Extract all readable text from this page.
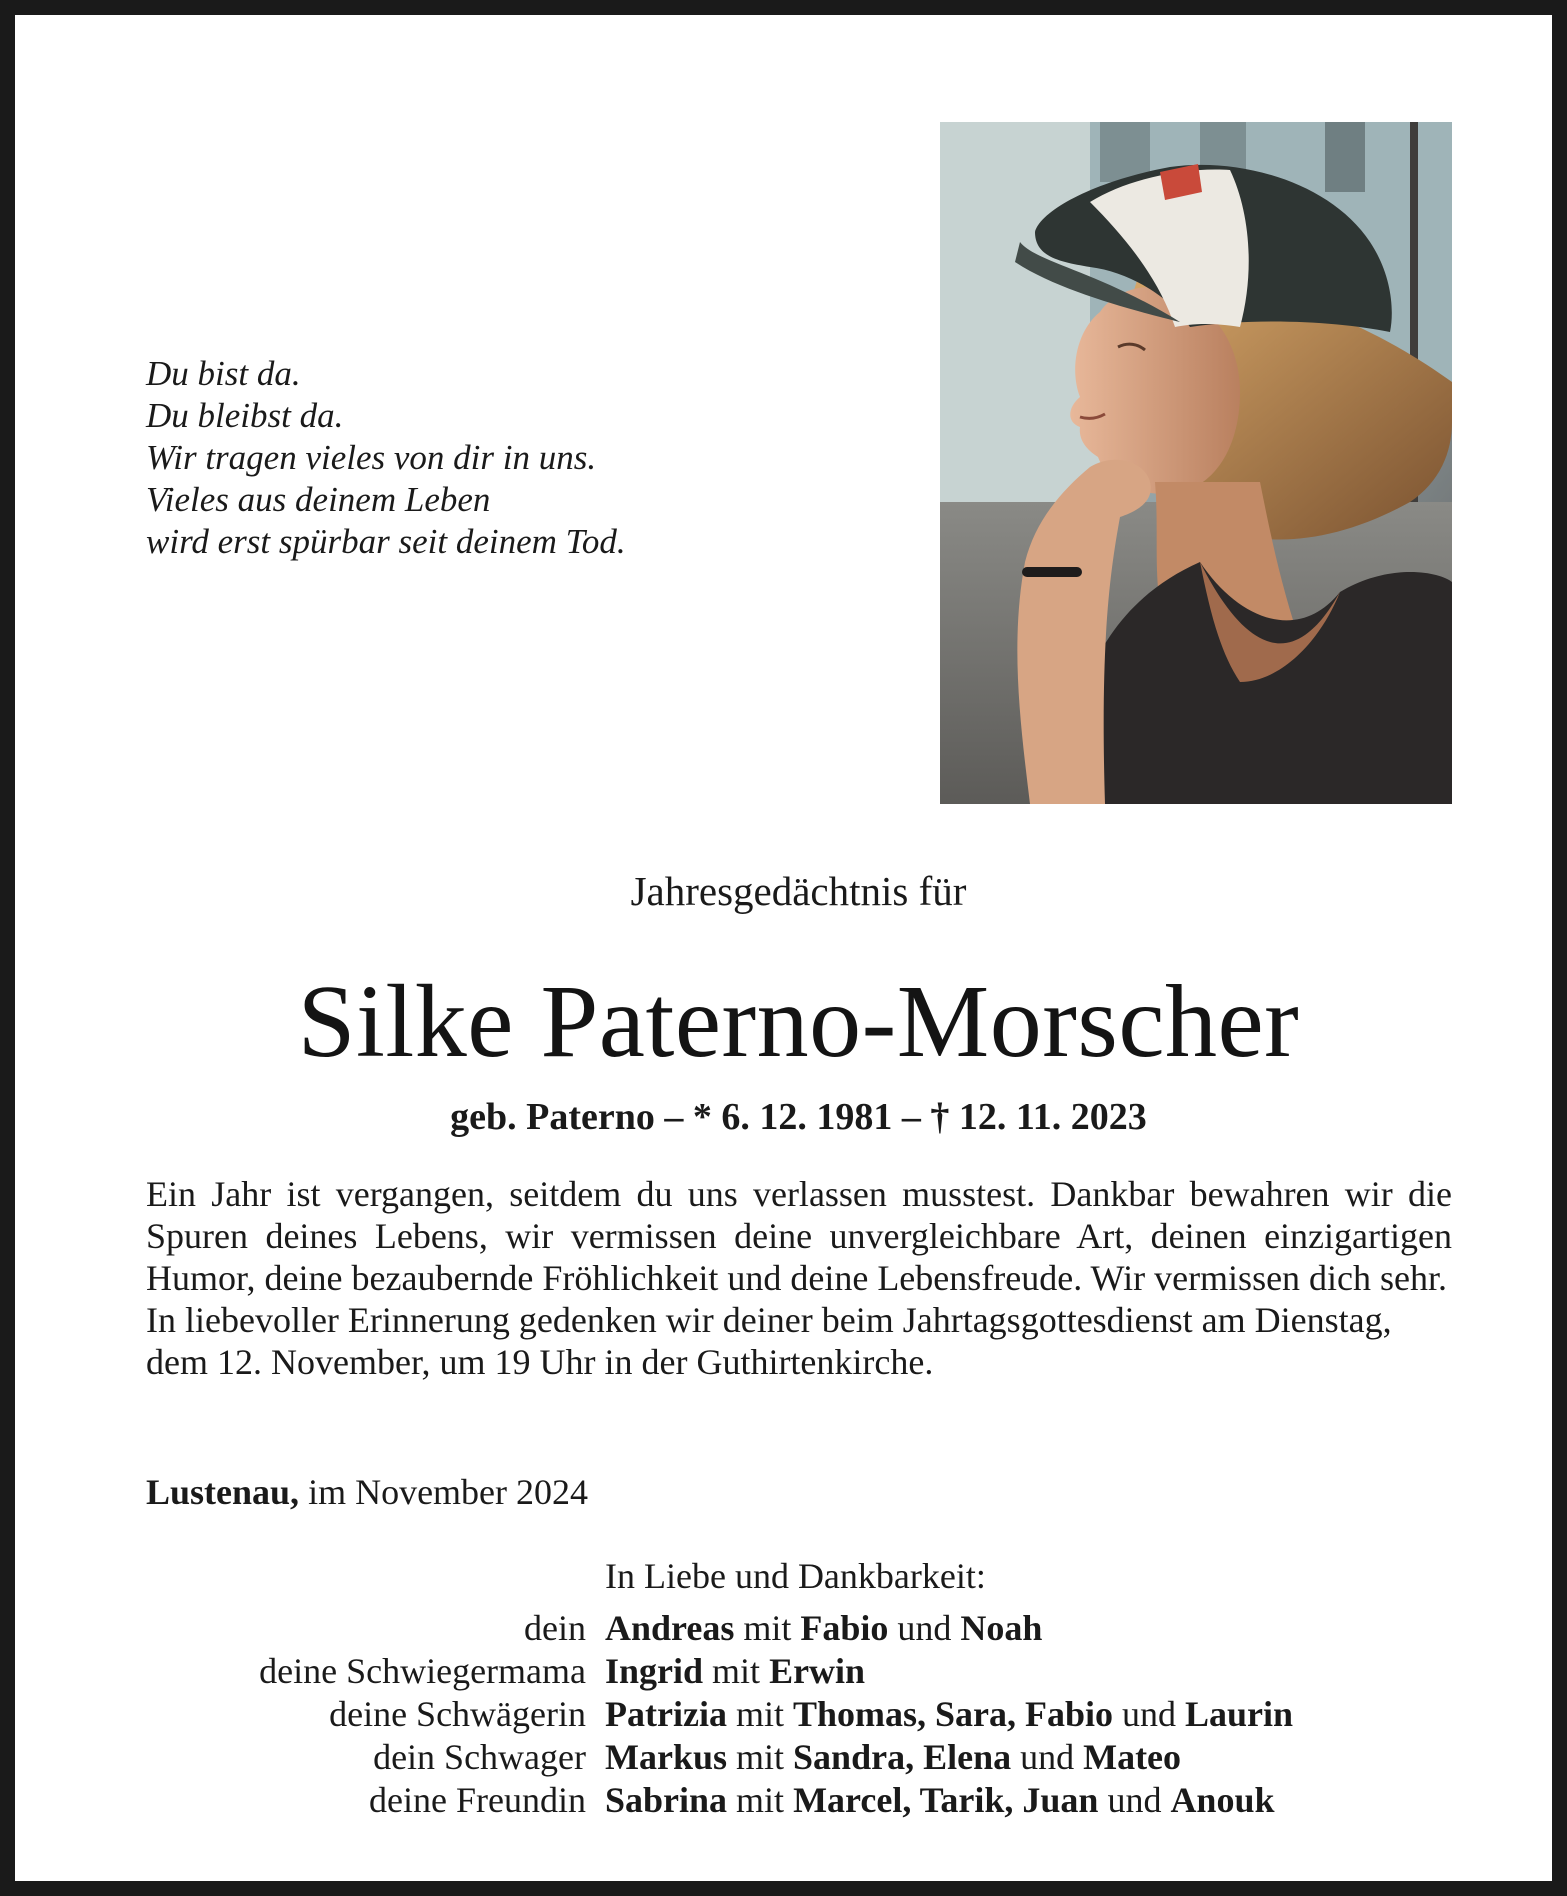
Du bist da.
Du bleibst da.
Wir tragen vieles von dir in uns.
Vieles aus deinem Leben
wird erst spürbar seit deinem Tod.
Jahresgedächtnis für
Silke Paterno-Morscher
geb. Paterno – * 6. 12. 1981 – † 12. 11. 2023
Ein Jahr ist vergangen, seitdem du uns verlassen musstest. Dankbar bewahren wir die Spuren deines Lebens, wir vermissen deine unvergleichbare Art, deinen einzigartigen Humor, deine bezaubernde Fröhlichkeit und deine Lebensfreude. Wir vermissen dich sehr.
In liebevoller Erinnerung gedenken wir deiner beim Jahrtagsgottesdienst am Dienstag, dem 12. November, um 19 Uhr in der Guthirtenkirche.
Lustenau, im November 2024
In Liebe und Dankbarkeit:
dein Andreas mit Fabio und Noah
deine Schwiegermama Ingrid mit Erwin
deine Schwägerin Patrizia mit Thomas, Sara, Fabio und Laurin
dein Schwager Markus mit Sandra, Elena und Mateo
deine Freundin Sabrina mit Marcel, Tarik, Juan und Anouk
